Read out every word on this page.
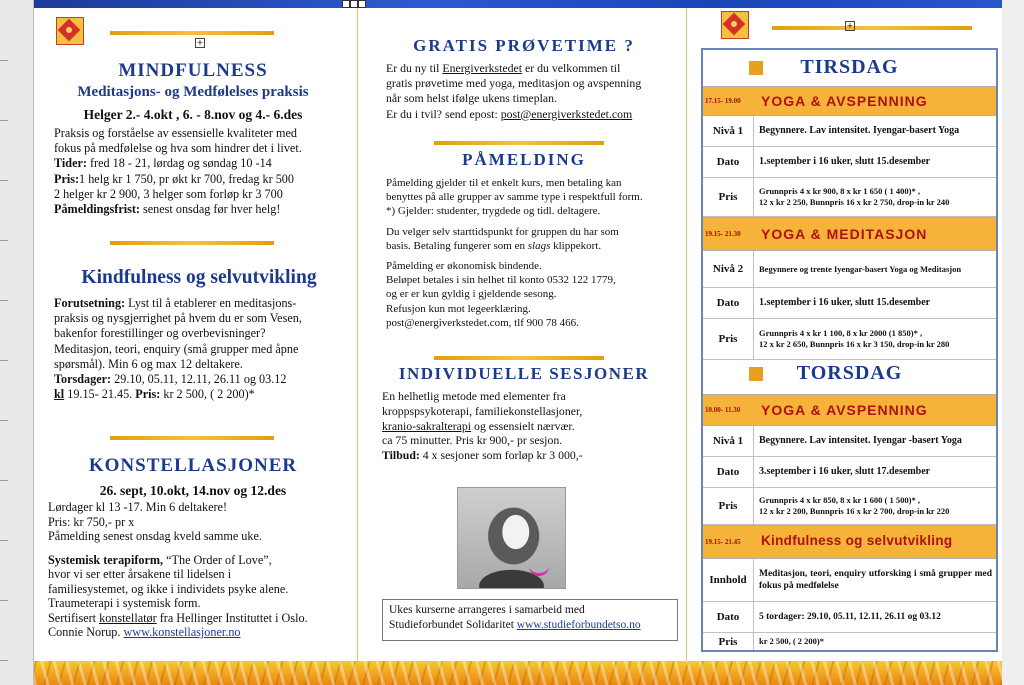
+
MINDFULNESS
Meditasjons- og Medfølelses praksis
Helger 2.- 4.okt , 6. - 8.nov og 4.- 6.des

Praksis og forståelse av essensielle kvaliteter med

fokus på medfølelse og hva som hindrer det i livet.

Tider: fred 18 - 21, lørdag og søndag 10 -14

Pris:1 helg kr 1 750, pr økt kr 700, fredag kr 500

2 helger kr 2 900, 3 helger som forløp kr 3 700

Påmeldingsfrist: senest onsdag før hver helg!

Kindfulness og selvutvikling

Forutsetning: Lyst til å etablerer en meditasjons-

praksis og nysgjerrighet på hvem du er som Vesen,

bakenfor forestillinger og overbevisninger?

Meditasjon, teori, enquiry (små grupper med åpne

spørsmål). Min 6 og max 12 deltakere.

Torsdager: 29.10, 05.11, 12.11, 26.11 og 03.12

kl 19.15- 21.45. Pris: kr 2 500, ( 2 200)*

KONSTELLASJONER
26. sept, 10.okt, 14.nov og 12.des

Lørdager kl 13 -17. Min 6 deltakere!

Pris: kr 750,- pr x

Påmelding senest onsdag kveld samme uke.

Systemisk terapiform, “The Order of Love”,

hvor vi ser etter årsakene til lidelsen i

familiesystemet, og ikke i individets psyke alene.

Traumeterapi i systemisk form.

Sertifisert konstellatør fra Hellinger Instituttet i Oslo.

Connie Norup. www.konstellasjoner.no

GRATIS PRØVETIME ?

Er du ny til Energiverkstedet er du velkommen til

gratis prøvetime med yoga, meditasjon og avspenning

når som helst ifølge ukens timeplan.

Er du i tvil? send epost: post@energiverkstedet.com

PÅMELDING

Påmelding gjelder til et enkelt kurs, men betaling kan

benyttes på alle grupper av samme type i respektfull form.

*) Gjelder: studenter, trygdede og tidl. deltagere.

Du velger selv starttidspunkt for gruppen du har som

basis. Betaling fungerer som en slags klippekort.

Påmelding er økonomisk bindende.

Beløpet betales i sin helhet til konto 0532 122 1779,

og er er kun gyldig i gjeldende sesong.

Refusjon kun mot legeerklæring.

post@energiverkstedet.com, tlf 900 78 466.

INDIVIDUELLE SESJONER

En helhetlig metode med elementer fra

kroppspsykoterapi, familiekonstellasjoner,

kranio-sakralterapi og essensielt nærvær.

ca 75 minutter. Pris kr 900,- pr sesjon.

Tilbud: 4 x sesjoner som forløp kr 3 000,-

Ukes kurserne arrangeres i samarbeid med
Studieforbundet Solidaritet www.studieforbundetso.no
+
TIRSDAG
17.15- 19.00 YOGA & AVSPENNING
Nivå 1	Begynnere. Lav intensitet. Iyengar-basert Yoga
Dato	1.september i 16 uker, slutt 15.desember
Pris	Grunnpris 4 x kr 900, 8 x kr 1 650 ( 1 400)* ,
12 x kr 2 250, Bunnpris 16 x kr 2 750, drop-in kr 240
19.15- 21.30 YOGA & MEDITASJON
Nivå 2	Begynnere og trente Iyengar-basert Yoga og Meditasjon
Dato	1.september i 16 uker, slutt 15.desember
Pris	Grunnpris 4 x kr 1 100, 8 x kr 2000 (1 850)* ,
12 x kr 2 650, Bunnpris 16 x kr 3 150, drop-in kr 280
TORSDAG
10.00- 11.30 YOGA & AVSPENNING
Nivå 1	Begynnere. Lav intensitet. Iyengar -basert Yoga
Dato	3.september i 16 uker, slutt 17.desember
Pris	Grunnpris 4 x kr 850, 8 x kr 1 600 ( 1 500)* ,
12 x kr 2 200, Bunnpris 16 x kr 2 700, drop-in kr 220
19.15- 21.45 Kindfulness og selvutvikling
Innhold	Meditasjon, teori, enquiry utforsking i små grupper med fokus på medfølelse
Dato	5 tordager: 29.10, 05.11, 12.11, 26.11 og 03.12
Pris	kr 2 500, ( 2 200)*
